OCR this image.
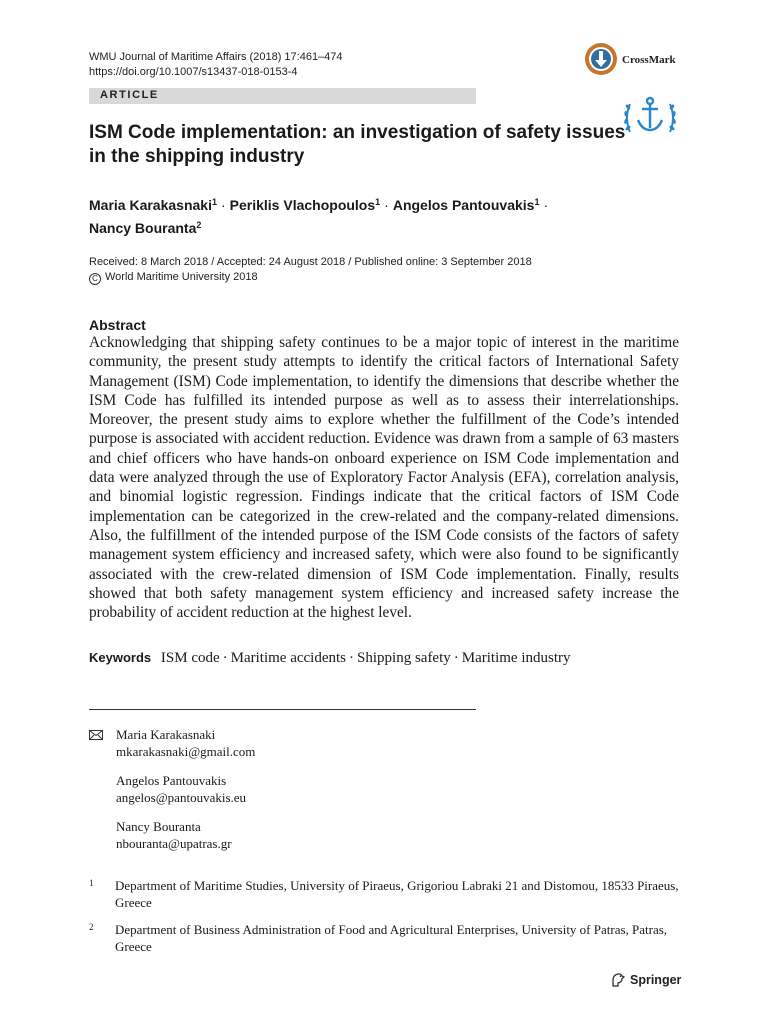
WMU Journal of Maritime Affairs (2018) 17:461–474
https://doi.org/10.1007/s13437-018-0153-4
ARTICLE
CrossMark
ISM Code implementation: an investigation of safety issues in the shipping industry
Maria Karakasnaki$^1$ · Periklis Vlachopoulos$^1$ · Angelos Pantouvakis$^1$ ·
Nancy Bouranta$^2$
Received: 8 March 2018 / Accepted: 24 August 2018 / Published online: 3 September 2018
C World Maritime University 2018
Abstract

Acknowledging that shipping safety continues to be a major topic of interest in the maritime community, the present study attempts to identify the critical factors of International Safety Management (ISM) Code implementation, to identify the dimensions that describe whether the ISM Code has fulfilled its intended purpose as well as to assess their interrelationships. Moreover, the present study aims to explore whether the fulfillment of the Code’s intended purpose is associated with accident reduction. Evidence was drawn from a sample of 63 masters and chief officers who have hands-on onboard experience on ISM Code implementation and data were analyzed through the use of Exploratory Factor Analysis (EFA), correlation analysis, and binomial logistic regression. Findings indicate that the critical factors of ISM Code implementation can be categorized in the crew-related and the company-related dimensions. Also, the fulfillment of the intended purpose of the ISM Code consists of the factors of safety management system efficiency and increased safety, which were also found to be significantly associated with the crew-related dimension of ISM Code implementation. Finally, results showed that both safety management system efficiency and increased safety increase the probability of accident reduction at the highest level.

Keywords ISM code · Maritime accidents · Shipping safety · Maritime industry
Maria Karakasnaki
mkarakasnaki@gmail.com
Angelos Pantouvakis
angelos@pantouvakis.eu
Nancy Bouranta
nbouranta@upatras.gr
1 Department of Maritime Studies, University of Piraeus, Grigoriou Labraki 21 and Distomou, 18533 Piraeus, Greece
2 Department of Business Administration of Food and Agricultural Enterprises, University of Patras, Patras, Greece
Springer
